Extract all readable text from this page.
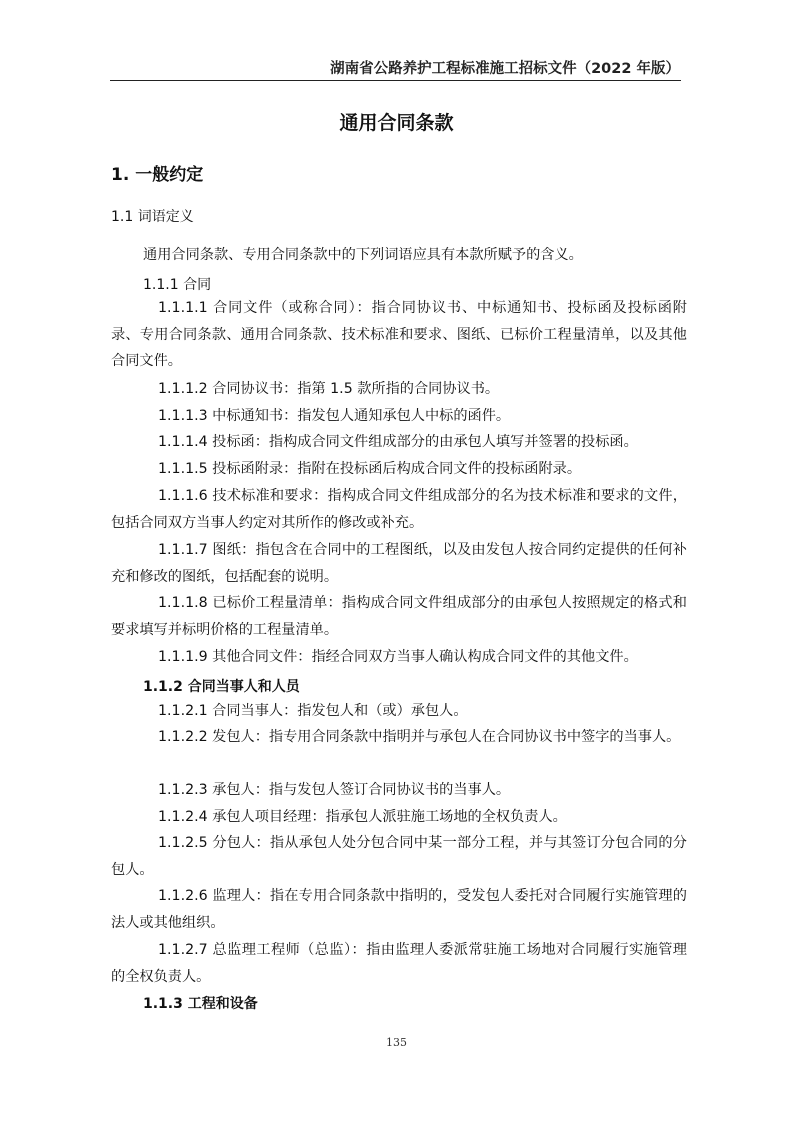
湖南省公路养护工程标准施工招标文件（2022 年版）
通用合同条款
1. 一般约定
1.1 词语定义
通用合同条款、专用合同条款中的下列词语应具有本款所赋予的含义。
1.1.1 合同
1.1.1.1 合同文件（或称合同）：指合同协议书、中标通知书、投标函及投标函附录、专用合同条款、通用合同条款、技术标准和要求、图纸、已标价工程量清单，以及其他合同文件。
1.1.1.2 合同协议书：指第 1.5 款所指的合同协议书。
1.1.1.3 中标通知书：指发包人通知承包人中标的函件。
1.1.1.4 投标函：指构成合同文件组成部分的由承包人填写并签署的投标函。
1.1.1.5 投标函附录：指附在投标函后构成合同文件的投标函附录。
1.1.1.6 技术标准和要求：指构成合同文件组成部分的名为技术标准和要求的文件，包括合同双方当事人约定对其所作的修改或补充。
1.1.1.7 图纸：指包含在合同中的工程图纸，以及由发包人按合同约定提供的任何补充和修改的图纸，包括配套的说明。
1.1.1.8 已标价工程量清单：指构成合同文件组成部分的由承包人按照规定的格式和要求填写并标明价格的工程量清单。
1.1.1.9 其他合同文件：指经合同双方当事人确认构成合同文件的其他文件。
1.1.2 合同当事人和人员
1.1.2.1 合同当事人：指发包人和（或）承包人。
1.1.2.2 发包人：指专用合同条款中指明并与承包人在合同协议书中签字的当事人。
1.1.2.3 承包人：指与发包人签订合同协议书的当事人。
1.1.2.4 承包人项目经理：指承包人派驻施工场地的全权负责人。
1.1.2.5 分包人：指从承包人处分包合同中某一部分工程，并与其签订分包合同的分包人。
1.1.2.6 监理人：指在专用合同条款中指明的，受发包人委托对合同履行实施管理的法人或其他组织。
1.1.2.7 总监理工程师（总监）：指由监理人委派常驻施工场地对合同履行实施管理的全权负责人。
1.1.3 工程和设备
135
